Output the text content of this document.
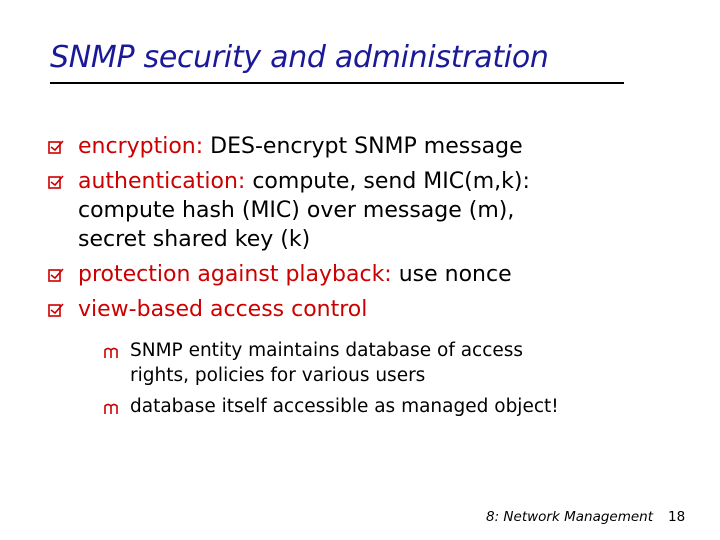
SNMP security and administration
encryption: DES-encrypt SNMP message
authentication: compute, send MIC(m,k):
compute hash (MIC) over message (m),
secret shared key (k)
protection against playback: use nonce
view-based access control
SNMP entity maintains database of access
rights, policies for various users
database itself accessible as managed object!
8: Network Management 18
